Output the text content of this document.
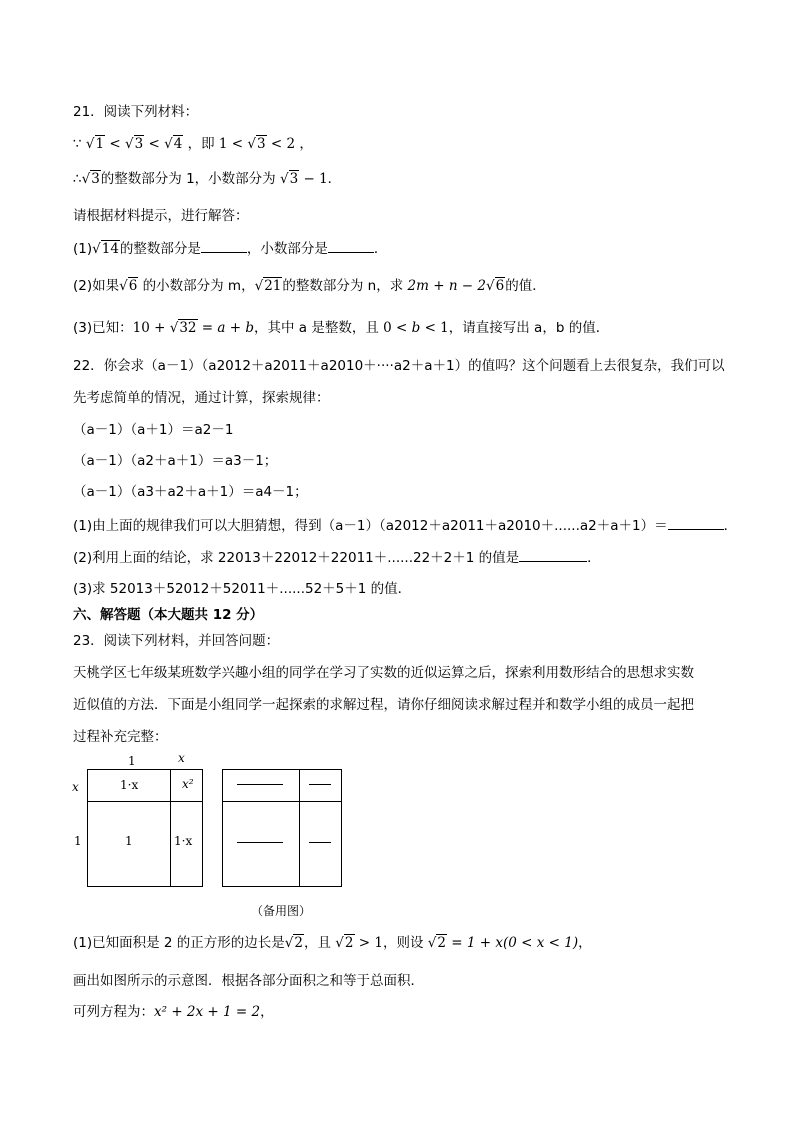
21．阅读下列材料：
∵ √1 < √3 < √4 ，即 1 < √3 < 2 ，
∴√3的整数部分为 1，小数部分为 √3 − 1．
请根据材料提示，进行解答：
(1)√14的整数部分是	，小数部分是	．
(2)如果√6 的小数部分为 m，√21的整数部分为 n，求 2m + n − 2√6的值．
(3)已知：10 + √32 = a + b，其中 a 是整数，且 0 < b < 1，请直接写出 a，b 的值．
22．你会求（a－1）（a2012＋a2011＋a2010＋····a2＋a＋1）的值吗？这个问题看上去很复杂，我们可以
先考虑简单的情况，通过计算，探索规律：
（a－1）（a＋1）＝a2－1
（a－1）（a2＋a＋1）＝a3－1；
（a－1）（a3＋a2＋a＋1）＝a4－1；
(1)由上面的规律我们可以大胆猜想，得到（a－1）（a2012＋a2011＋a2010＋......a2＋a＋1）＝	．
(2)利用上面的结论，求 22013＋22012＋22011＋......22＋2＋1 的值是	．
(3)求 52013＋52012＋52011＋......52＋5＋1 的值．
六、解答题（本大题共 12 分）
23．阅读下列材料，并回答问题：
天桃学区七年级某班数学兴趣小组的同学在学习了实数的近似运算之后，探索利用数形结合的思想求实数
近似值的方法．下面是小组同学一起探索的求解过程，请你仔细阅读求解过程并和数学小组的成员一起把
过程补充完整：
1	x
x
1
1·x	x²
1	1·x
（备用图）
(1)已知面积是 2 的正方形的边长是√2，且 √2 > 1，则设 √2 = 1 + x(0 < x < 1)，
画出如图所示的示意图．根据各部分面积之和等于总面积．
可列方程为：x² + 2x + 1 = 2，
